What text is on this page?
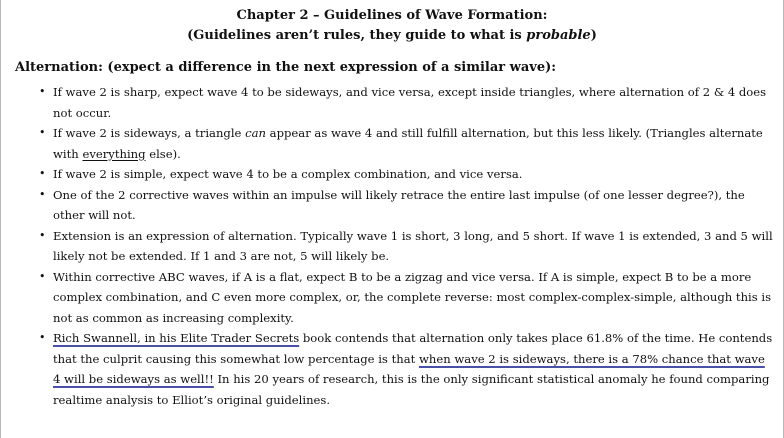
Chapter 2 – Guidelines of Wave Formation:
(Guidelines aren’t rules, they guide to what is probable)

Alternation: (expect a difference in the next expression of a similar wave):

• If wave 2 is sharp, expect wave 4 to be sideways, and vice versa, except inside triangles, where alternation of 2 & 4 does not occur.
• If wave 2 is sideways, a triangle can appear as wave 4 and still fulfill alternation, but this less likely. (Triangles alternate with everything else).
• If wave 2 is simple, expect wave 4 to be a complex combination, and vice versa.
• One of the 2 corrective waves within an impulse will likely retrace the entire last impulse (of one lesser degree?), the other will not.
• Extension is an expression of alternation. Typically wave 1 is short, 3 long, and 5 short. If wave 1 is extended, 3 and 5 will likely not be extended. If 1 and 3 are not, 5 will likely be.
• Within corrective ABC waves, if A is a flat, expect B to be a zigzag and vice versa. If A is simple, expect B to be a more complex combination, and C even more complex, or, the complete reverse: most complex-complex-simple, although this is not as common as increasing complexity.
• Rich Swannell, in his Elite Trader Secrets book contends that alternation only takes place 61.8% of the time. He contends that the culprit causing this somewhat low percentage is that when wave 2 is sideways, there is a 78% chance that wave 4 will be sideways as well!! In his 20 years of research, this is the only significant statistical anomaly he found comparing realtime analysis to Elliot’s original guidelines.
